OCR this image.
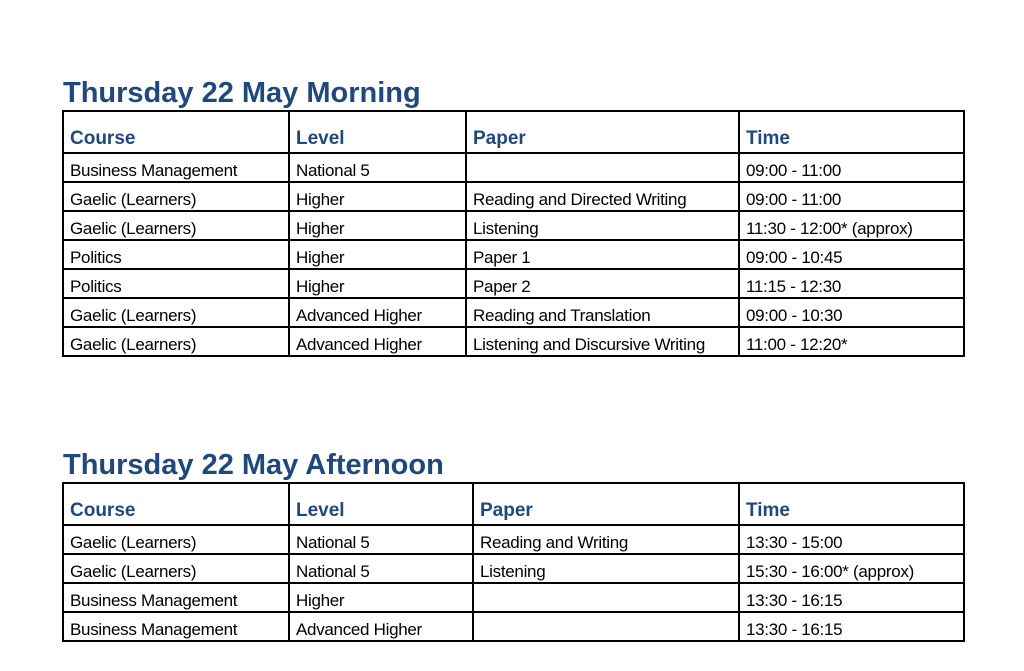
Thursday 22 May Morning
Course	Level	Paper	Time
Business Management	National 5		09:00 - 11:00
Gaelic (Learners)	Higher	Reading and Directed Writing	09:00 - 11:00
Gaelic (Learners)	Higher	Listening	11:30 - 12:00* (approx)
Politics	Higher	Paper 1	09:00 - 10:45
Politics	Higher	Paper 2	11:15 - 12:30
Gaelic (Learners)	Advanced Higher	Reading and Translation	09:00 - 10:30
Gaelic (Learners)	Advanced Higher	Listening and Discursive Writing	11:00 - 12:20*
Thursday 22 May Afternoon
Course	Level	Paper	Time
Gaelic (Learners)	National 5	Reading and Writing	13:30 - 15:00
Gaelic (Learners)	National 5	Listening	15:30 - 16:00* (approx)
Business Management	Higher		13:30 - 16:15
Business Management	Advanced Higher		13:30 - 16:15
